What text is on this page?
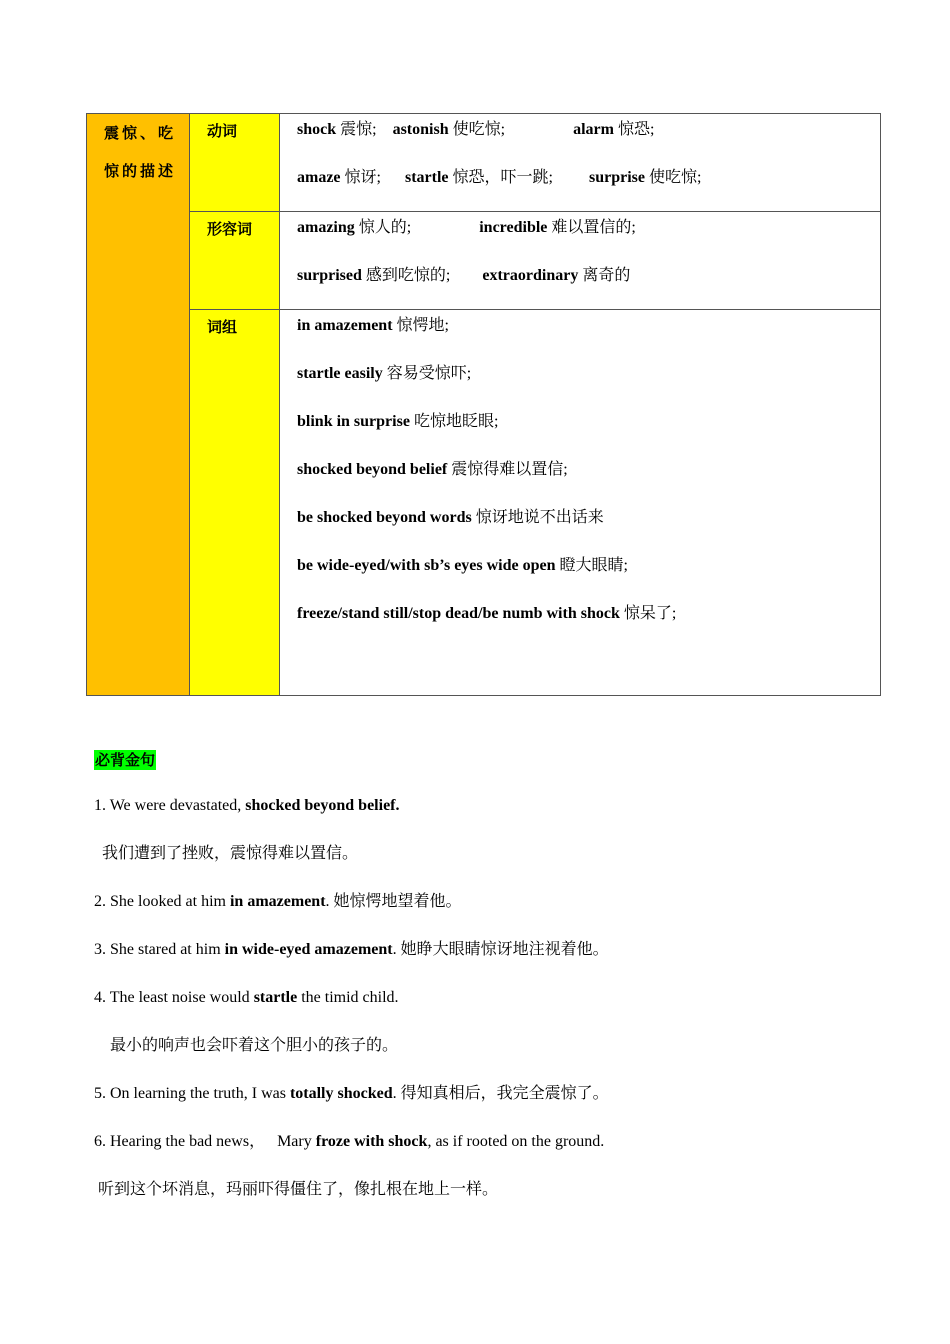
震惊、吃惊的描述
动词
形容词
词组
shock 震惊;    astonish 使吃惊;                 alarm 惊恐;
amaze 惊讶;      startle 惊恐，吓一跳;         surprise 使吃惊;
amazing 惊人的;                 incredible 难以置信的;
surprised 感到吃惊的;        extraordinary 离奇的
in amazement 惊愕地;
startle easily 容易受惊吓;
blink in surprise 吃惊地眨眼;
shocked beyond belief 震惊得难以置信;
be shocked beyond words 惊讶地说不出话来
be wide-eyed/with sb’s eyes wide open 瞪大眼睛;
freeze/stand still/stop dead/be numb with shock 惊呆了;
必背金句
1. We were devastated, shocked beyond belief.
我们遭到了挫败，震惊得难以置信。
2. She looked at him in amazement. 她惊愕地望着他。
3. She stared at him in wide-eyed amazement. 她睁大眼睛惊讶地注视着他。
4. The least noise would startle the timid child.
最小的响声也会吓着这个胆小的孩子的。
5. On learning the truth, I was totally shocked. 得知真相后，我完全震惊了。
6. Hearing the bad news，   Mary froze with shock, as if rooted on the ground.
听到这个坏消息，玛丽吓得僵住了，像扎根在地上一样。
